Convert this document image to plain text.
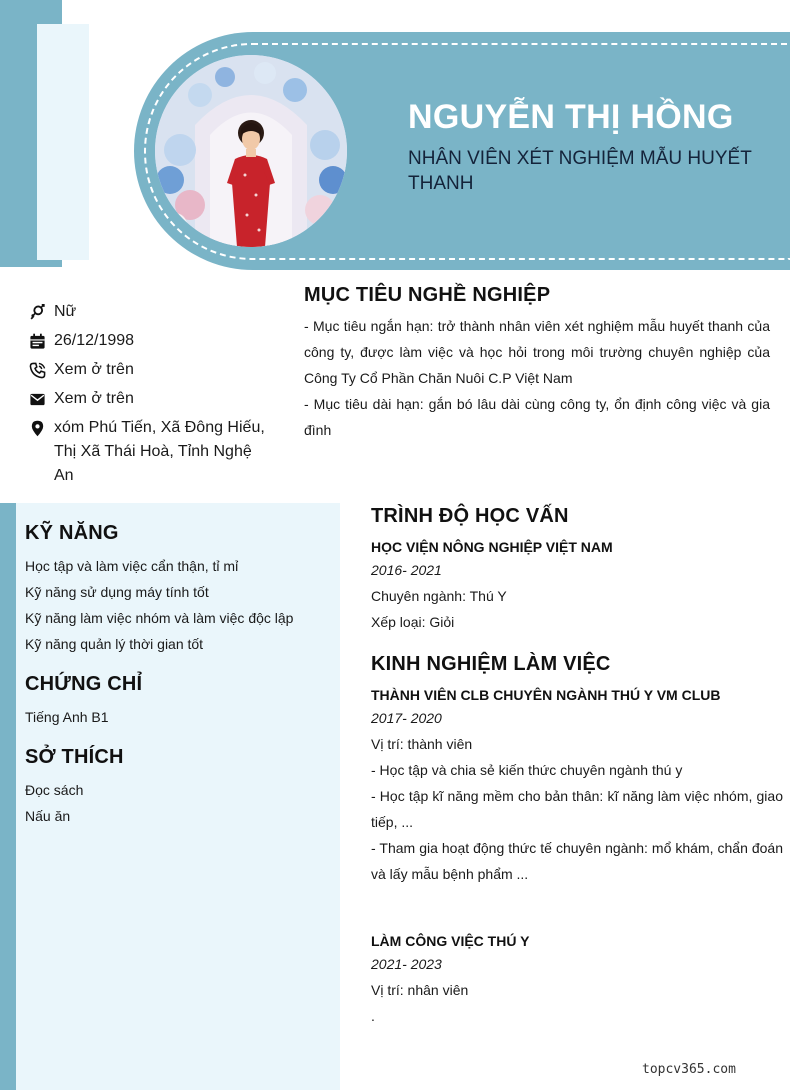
NGUYỄN THỊ HỒNG
NHÂN VIÊN XÉT NGHIỆM MẪU HUYẾT THANH
Nữ
26/12/1998
Xem ở trên
Xem ở trên
xóm Phú Tiến, Xã Đông Hiếu, Thị Xã Thái Hoà, Tỉnh Nghệ An
MỤC TIÊU NGHỀ NGHIỆP

- Mục tiêu ngắn hạn: trở thành nhân viên xét nghiệm mẫu huyết thanh của công ty, được làm việc và học hỏi trong môi trường chuyên nghiệp của Công Ty Cổ Phần Chăn Nuôi C.P Việt Nam

- Mục tiêu dài hạn: gắn bó lâu dài cùng công ty, ổn định công việc và gia đình

KỸ NĂNG
Học tập và làm việc cẩn thận, tỉ mỉ
Kỹ năng sử dụng máy tính tốt
Kỹ năng làm việc nhóm và làm việc độc lập
Kỹ năng quản lý thời gian tốt
CHỨNG CHỈ
Tiếng Anh B1
SỞ THÍCH
Đọc sách
Nấu ăn
TRÌNH ĐỘ HỌC VẤN
HỌC VIỆN NÔNG NGHIỆP VIỆT NAM
2016- 2021
Chuyên ngành: Thú Y
Xếp loại: Giỏi
KINH NGHIỆM LÀM VIỆC
THÀNH VIÊN CLB CHUYÊN NGÀNH THÚ Y VM CLUB
2017- 2020
Vị trí: thành viên
- Học tập và chia sẻ kiến thức chuyên ngành thú y
- Học tập kĩ năng mềm cho bản thân: kĩ năng làm việc nhóm, giao tiếp, ...
- Tham gia hoạt động thức tế chuyên ngành: mổ khám, chẩn đoán và lấy mẫu bệnh phẩm ...
LÀM CÔNG VIỆC THÚ Y
2021- 2023
Vị trí: nhân viên
.
topcv365.com
